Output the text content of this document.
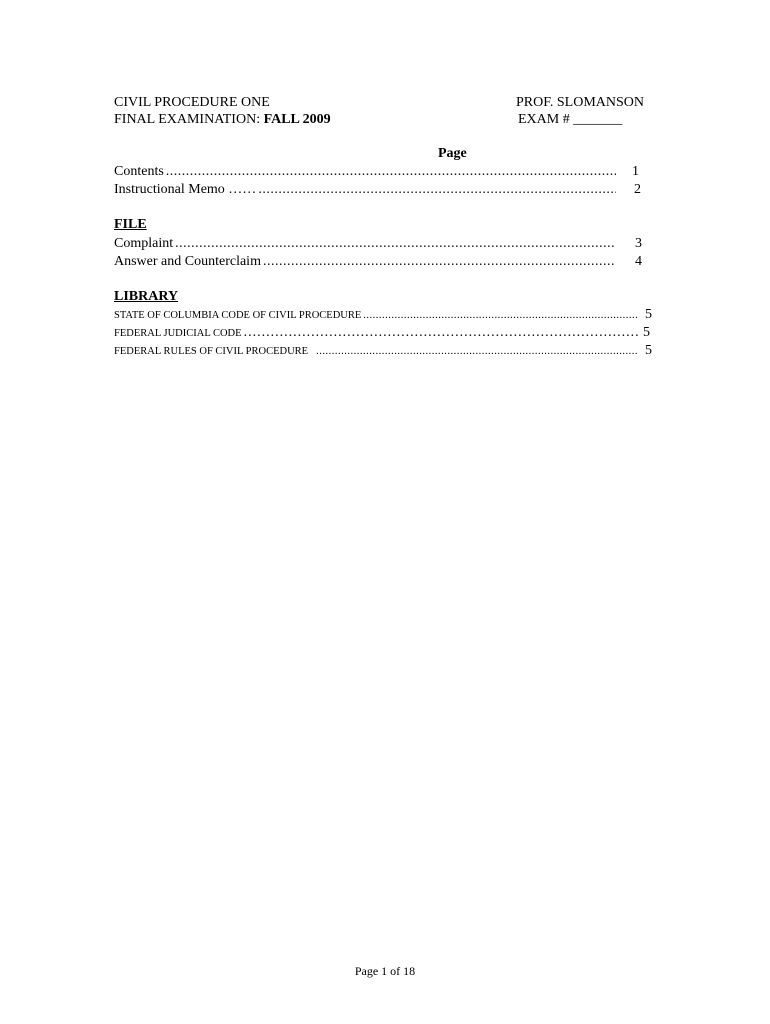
CIVIL PROCEDURE ONE
FINAL EXAMINATION: FALL 2009
PROF. SLOMANSON
EXAM # _______
Page
Contents .....	1
Instructional Memo …… .....	2
FILE
Complaint .....	3
Answer and Counterclaim .....	4
LIBRARY
STATE OF COLUMBIA CODE OF CIVIL PROCEDURE .....	5
FEDERAL JUDICIAL CODE .....	5
FEDERAL RULES OF CIVIL PROCEDURE .....	5
Page 1 of 18
